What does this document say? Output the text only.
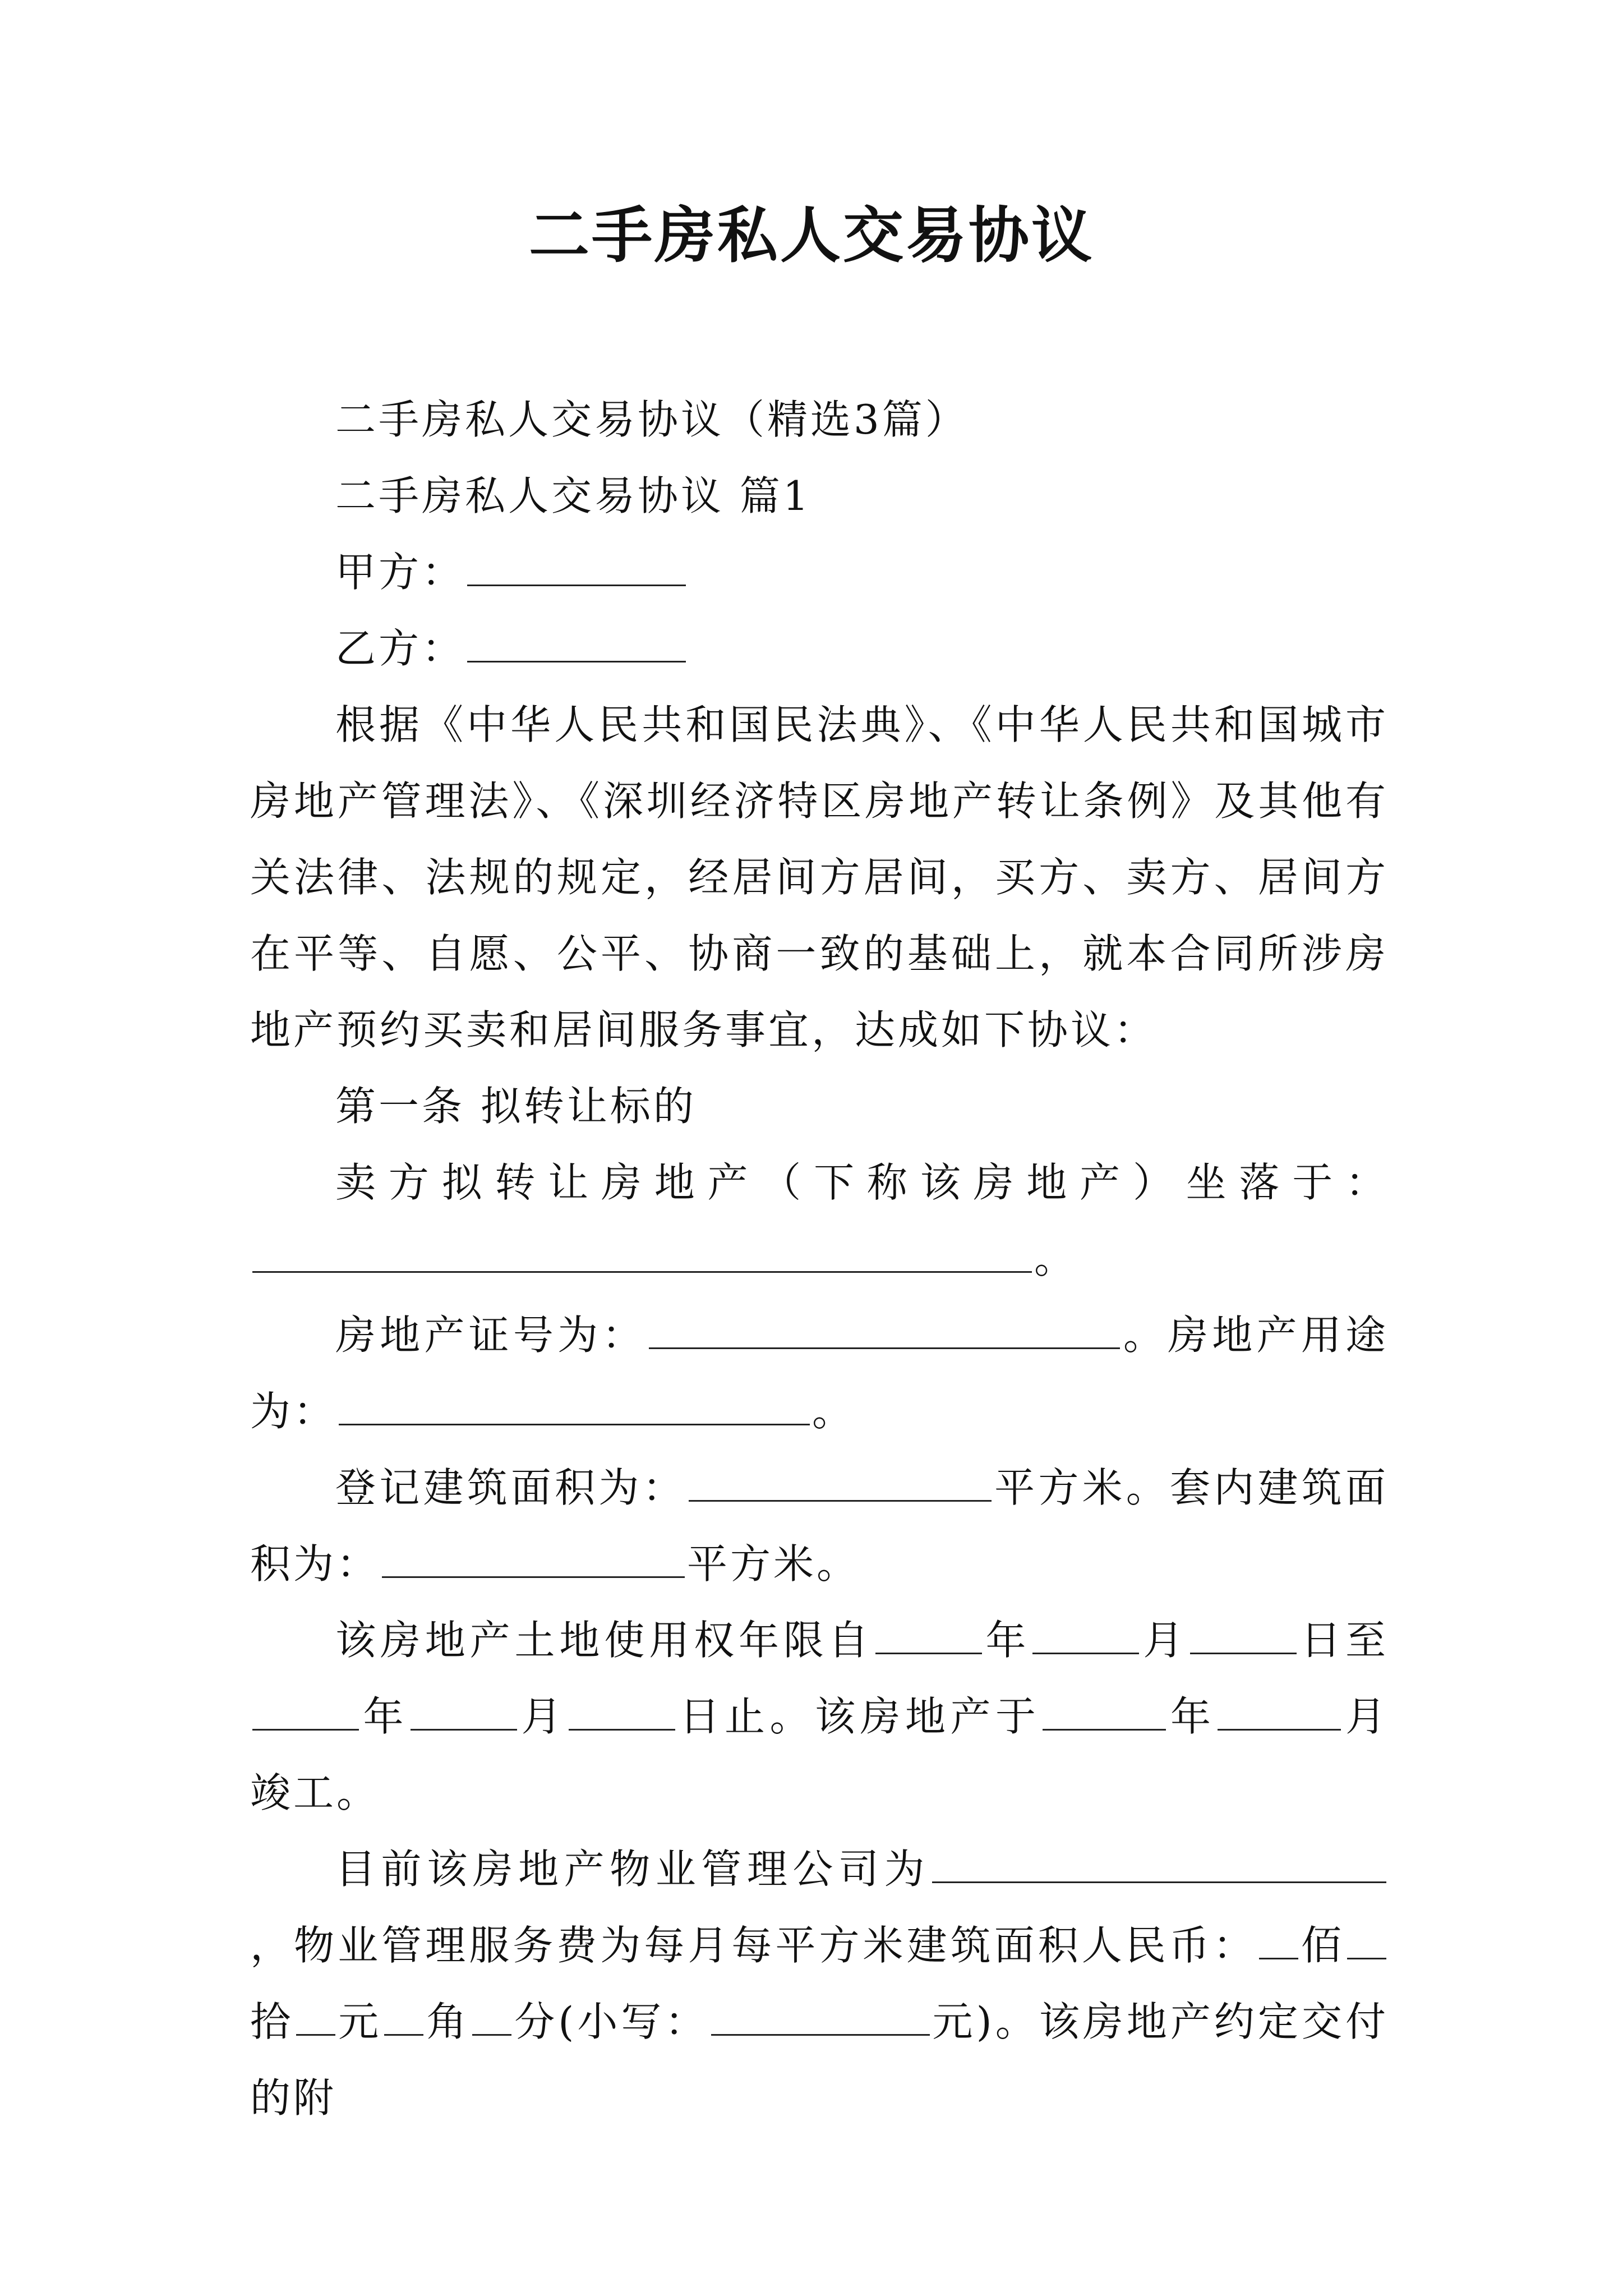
二手房私人交易协议

二手房私人交易协议（精选3篇）

二手房私人交易协议 篇1

甲方：

乙方：

根据《中华人民共和国民法典》、《中华人民共和国城市房地产管理法》、《深圳经济特区房地产转让条例》及其他有关法律、法规的规定，经居间方居间，买方、卖方、居间方在平等、自愿、公平、协商一致的基础上，就本合同所涉房地产预约买卖和居间服务事宜，达成如下协议：

第一条 拟转让标的

卖方拟转让房地产（下称该房地产）坐落于：

。

房地产证号为：	。房地产用途为：	。

登记建筑面积为：	平方米。套内建筑面积为：	平方米。

该房地产土地使用权年限自	年	月	日至年	月	日止。该房地产于	年	月竣工。

目前该房地产物业管理公司为，物业管理服务费为每月每平方米建筑面积人民币： 佰拾 元 角 分(小写：	元)。该房地产约定交付的附
